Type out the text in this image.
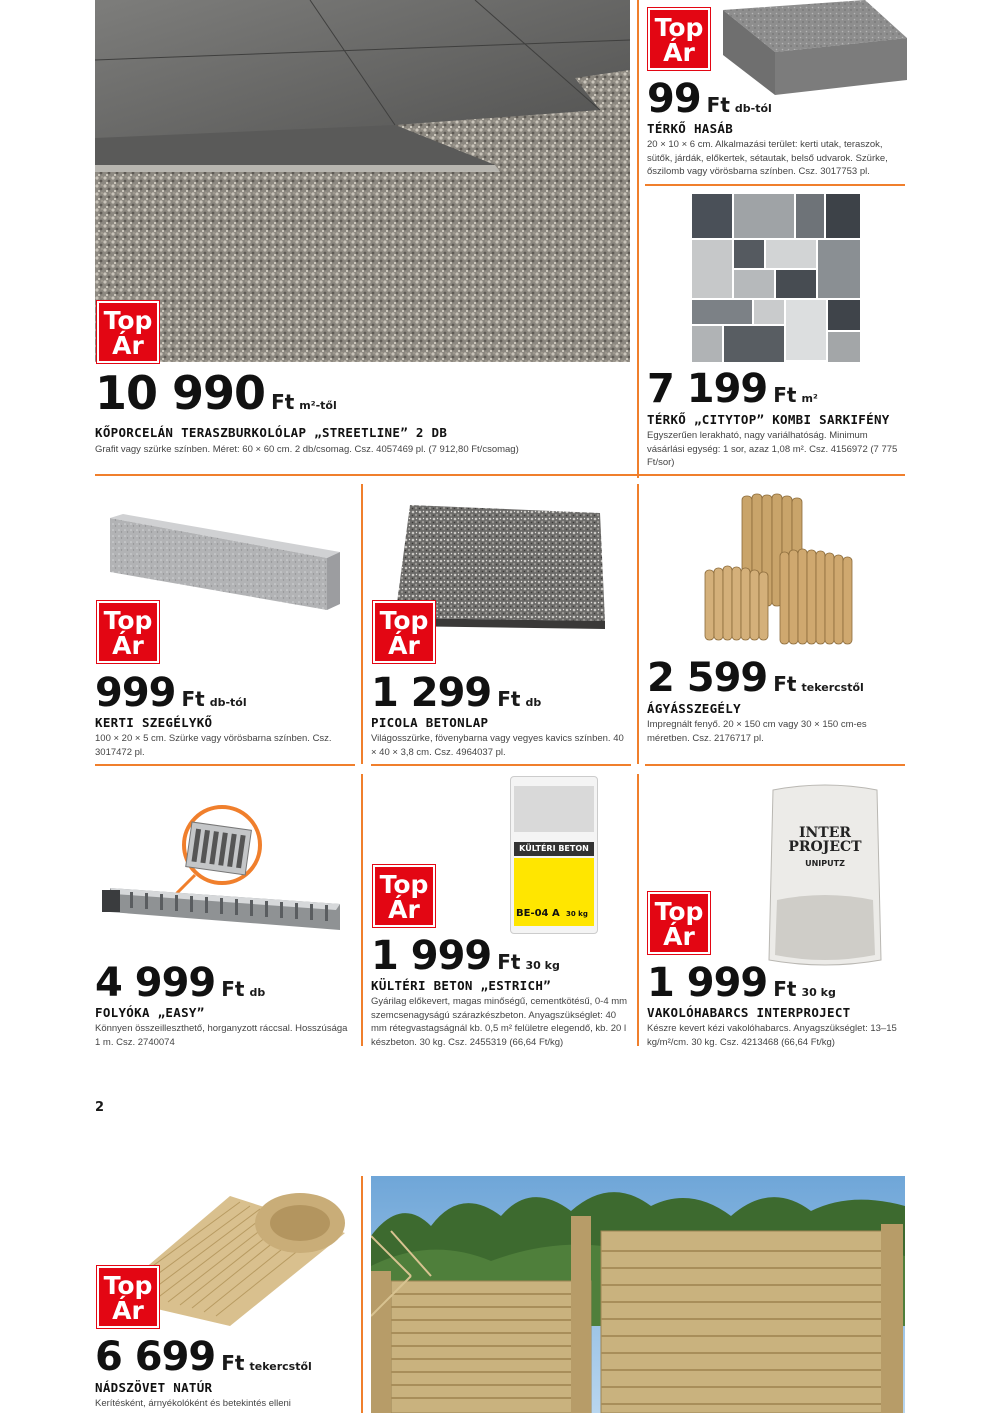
Top
Ár
10 990 Ft m²-től
KŐPORCELÁN TERASZBURKOLÓLAP „STREETLINE” 2 DB
Grafit vagy szürke színben. Méret: 60 × 60 cm. 2 db/csomag. Csz. 4057469 pl. (7 912,80 Ft/csomag)
Top
Ár
99 Ft db-tól
TÉRKŐ HASÁB
20 × 10 × 6 cm. Alkalmazási terület: kerti utak, teraszok, sütők, járdák, előkertek, sétautak, belső udvarok. Szürke, őszilomb vagy vörösbarna színben. Csz. 3017753 pl.
7 199 Ft m²
TÉRKŐ „CITYTOP” KOMBI SARKIFÉNY
Egyszerűen lerakható, nagy variálhatóság. Minimum vásárlási egység: 1 sor, azaz 1,08 m². Csz. 4156972 (7 775 Ft/sor)
Top
Ár
999 Ft db-tól
KERTI SZEGÉLYKŐ
100 × 20 × 5 cm. Szürke vagy vörösbarna színben. Csz. 3017472 pl.
Top
Ár
1 299 Ft db
PICOLA BETONLAP
Világosszürke, fövenybarna vagy vegyes kavics színben. 40 × 40 × 3,8 cm. Csz. 4964037 pl.
2 599 Ft tekercstől
ÁGYÁSSZEGÉLY
Impregnált fenyő. 20 × 150 cm vagy 30 × 150 cm-es méretben. Csz. 2176717 pl.
4 999 Ft db
FOLYÓKA „EASY”
Könnyen összeilleszthető, horganyzott ráccsal. Hosszúsága 1 m. Csz. 2740074
KÜLTÉRI BETON
BE-04 A 30 kg
Top
Ár
1 999 Ft 30 kg
KÜLTÉRI BETON „ESTRICH”
Gyárilag előkevert, magas minőségű, cementkötésű, 0-4 mm szemcsenagyságú szárazkészbeton. Anyagszükséglet: 40 mm rétegvastagságnál kb. 0,5 m² felületre elegendő, kb. 20 l készbeton. 30 kg. Csz. 2455319 (66,64 Ft/kg)
INTER
PROJECT
UNIPUTZ
Top
Ár
1 999 Ft 30 kg
VAKOLÓHABARCS INTERPROJECT
Készre kevert kézi vakolóhabarcs. Anyagszükséglet: 13–15 kg/m²/cm. 30 kg. Csz. 4213468 (66,64 Ft/kg)
2
Top
Ár
6 699 Ft tekercstől
NÁDSZÖVET NATÚR
Kerítésként, árnyékolóként és betekintés elleni
